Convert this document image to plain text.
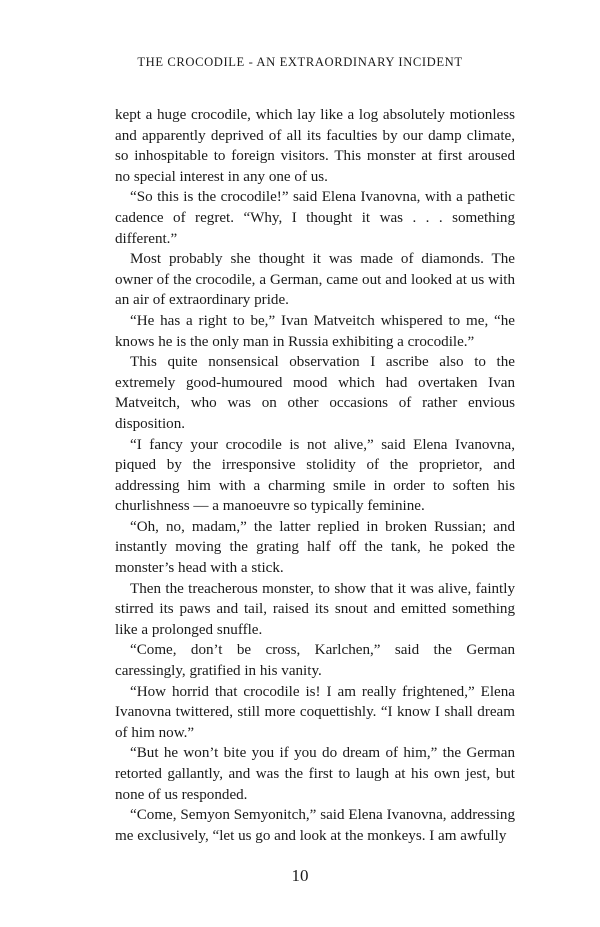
THE CROCODILE - AN EXTRAORDINARY INCIDENT

kept a huge crocodile, which lay like a log absolutely motionless and apparently deprived of all its faculties by our damp climate, so inhospitable to foreign visitors. This monster at first aroused no special interest in any one of us.

“So this is the crocodile!” said Elena Ivanovna, with a pathetic cadence of regret. “Why, I thought it was . . . something different.”

Most probably she thought it was made of diamonds. The owner of the crocodile, a German, came out and looked at us with an air of extraordinary pride.

“He has a right to be,” Ivan Matveitch whispered to me, “he knows he is the only man in Russia exhibiting a crocodile.”

This quite nonsensical observation I ascribe also to the extremely good-humoured mood which had overtaken Ivan Matveitch, who was on other occasions of rather envious disposition.

“I fancy your crocodile is not alive,” said Elena Ivanovna, piqued by the irresponsive stolidity of the proprietor, and addressing him with a charming smile in order to soften his churlishness — a manoeuvre so typically feminine.

“Oh, no, madam,” the latter replied in broken Russian; and instantly moving the grating half off the tank, he poked the monster’s head with a stick.

Then the treacherous monster, to show that it was alive, faintly stirred its paws and tail, raised its snout and emitted something like a prolonged snuffle.

“Come, don’t be cross, Karlchen,” said the German caressingly, gratified in his vanity.

“How horrid that crocodile is! I am really frightened,” Elena Ivanovna twittered, still more coquettishly. “I know I shall dream of him now.”

“But he won’t bite you if you do dream of him,” the German retorted gallantly, and was the first to laugh at his own jest, but none of us responded.

“Come, Semyon Semyonitch,” said Elena Ivanovna, addressing me exclusively, “let us go and look at the monkeys. I am awfully

10
